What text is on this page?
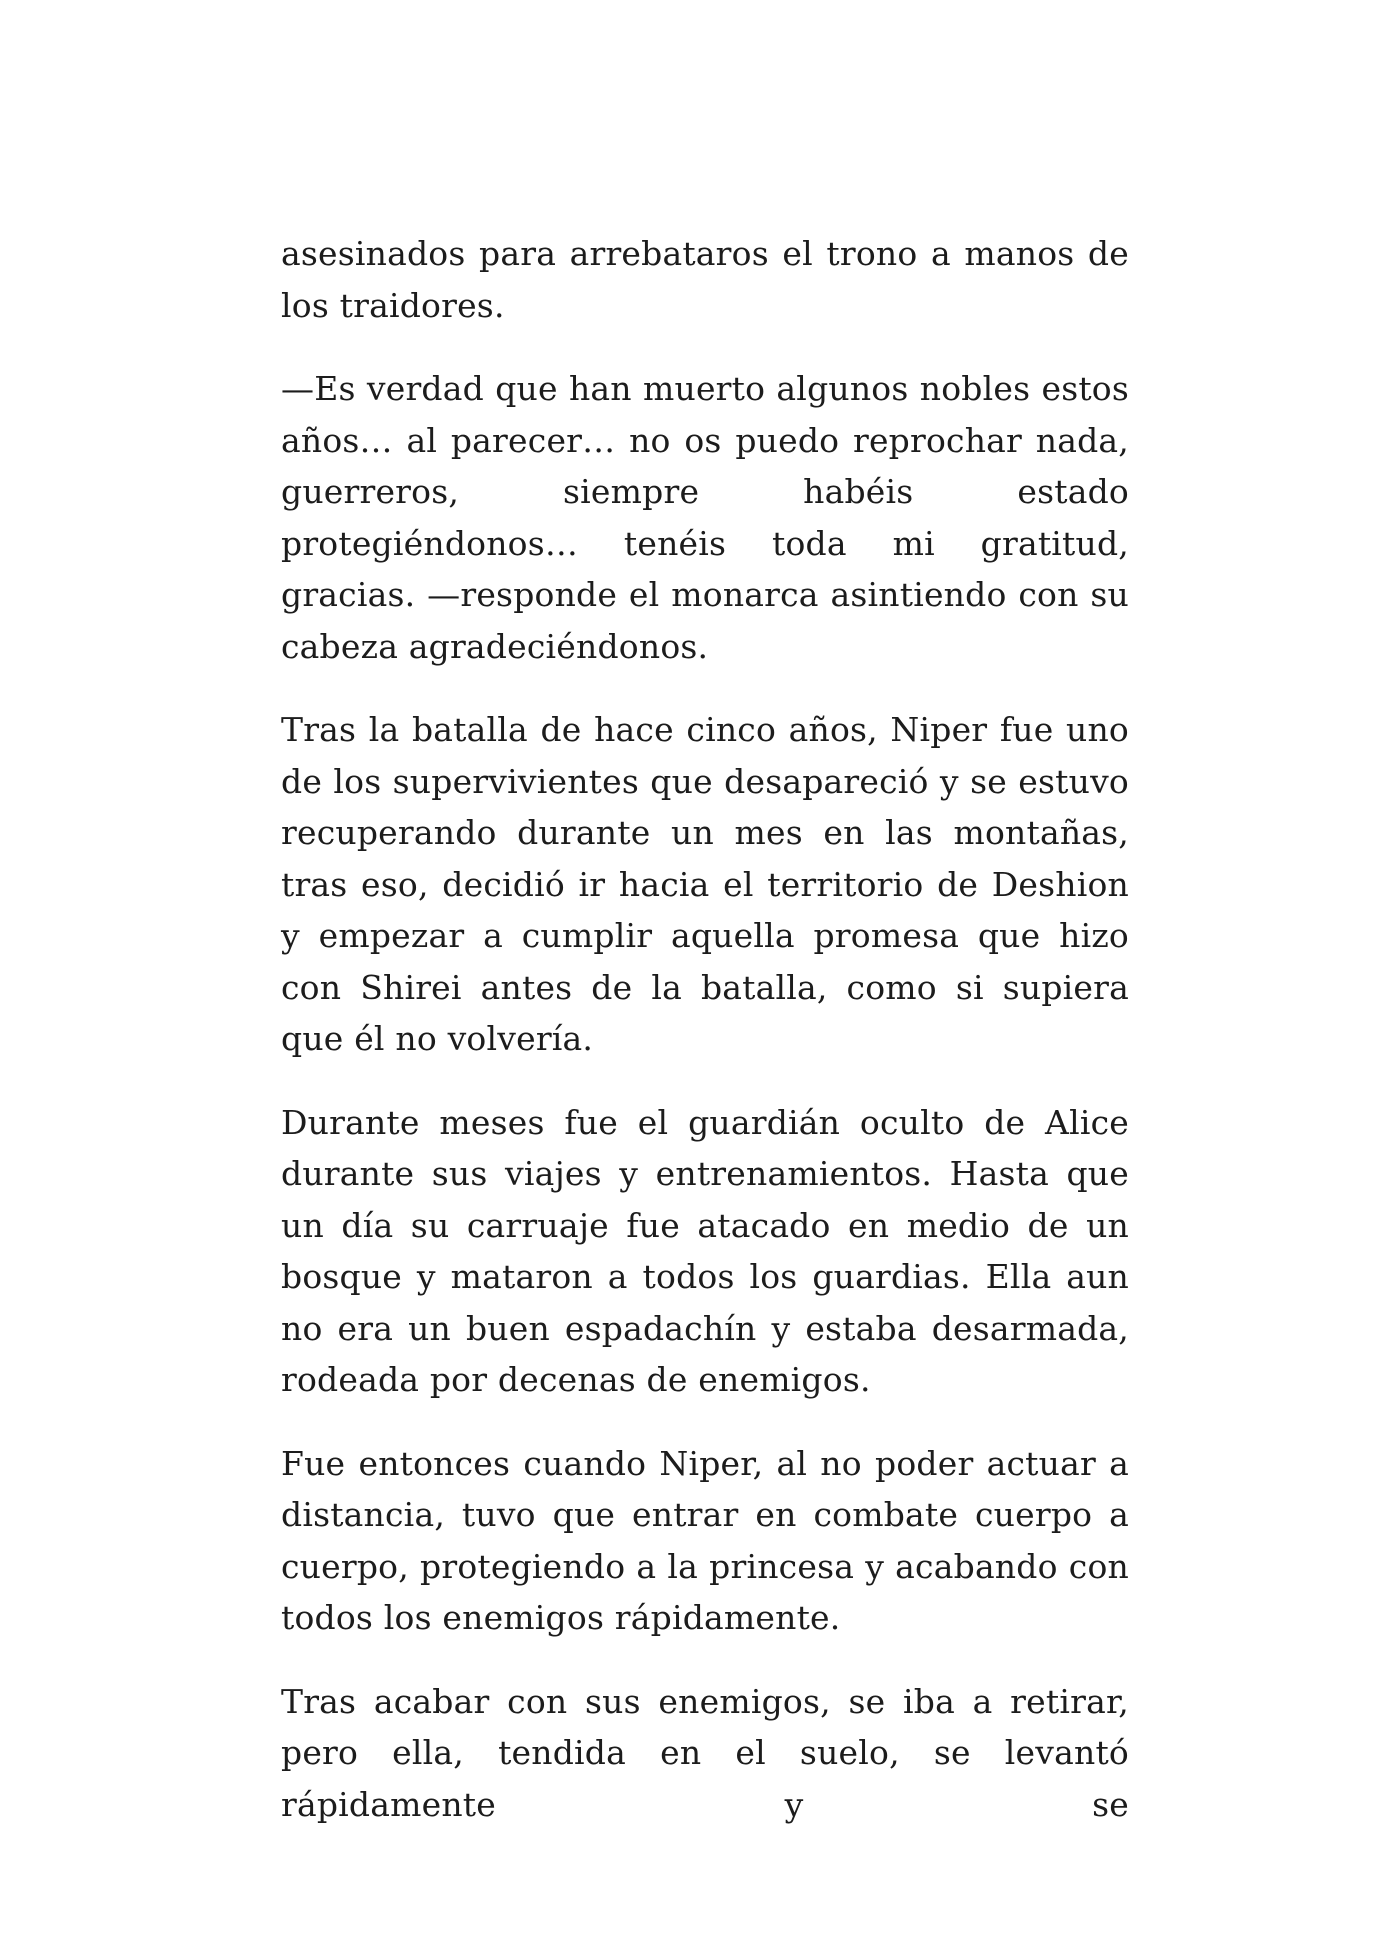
asesinados para arrebataros el trono a manos de los traidores.

—Es verdad que han muerto algunos nobles estos años… al parecer… no os puedo reprochar nada, guerreros, siempre habéis estado protegiéndonos… tenéis toda mi gratitud, gracias. —responde el monarca asintiendo con su cabeza agradeciéndonos.

Tras la batalla de hace cinco años, Niper fue uno de los supervivientes que desapareció y se estuvo recuperando durante un mes en las montañas, tras eso, decidió ir hacia el territorio de Deshion y empezar a cumplir aquella promesa que hizo con Shirei antes de la batalla, como si supiera que él no volvería.

Durante meses fue el guardián oculto de Alice durante sus viajes y entrenamientos. Hasta que un día su carruaje fue atacado en medio de un bosque y mataron a todos los guardias. Ella aun no era un buen espadachín y estaba desarmada, rodeada por decenas de enemigos.

Fue entonces cuando Niper, al no poder actuar a distancia, tuvo que entrar en combate cuerpo a cuerpo, protegiendo a la princesa y acabando con todos los enemigos rápidamente.

Tras acabar con sus enemigos, se iba a retirar, pero ella, tendida en el suelo, se levantó rápidamente y se
